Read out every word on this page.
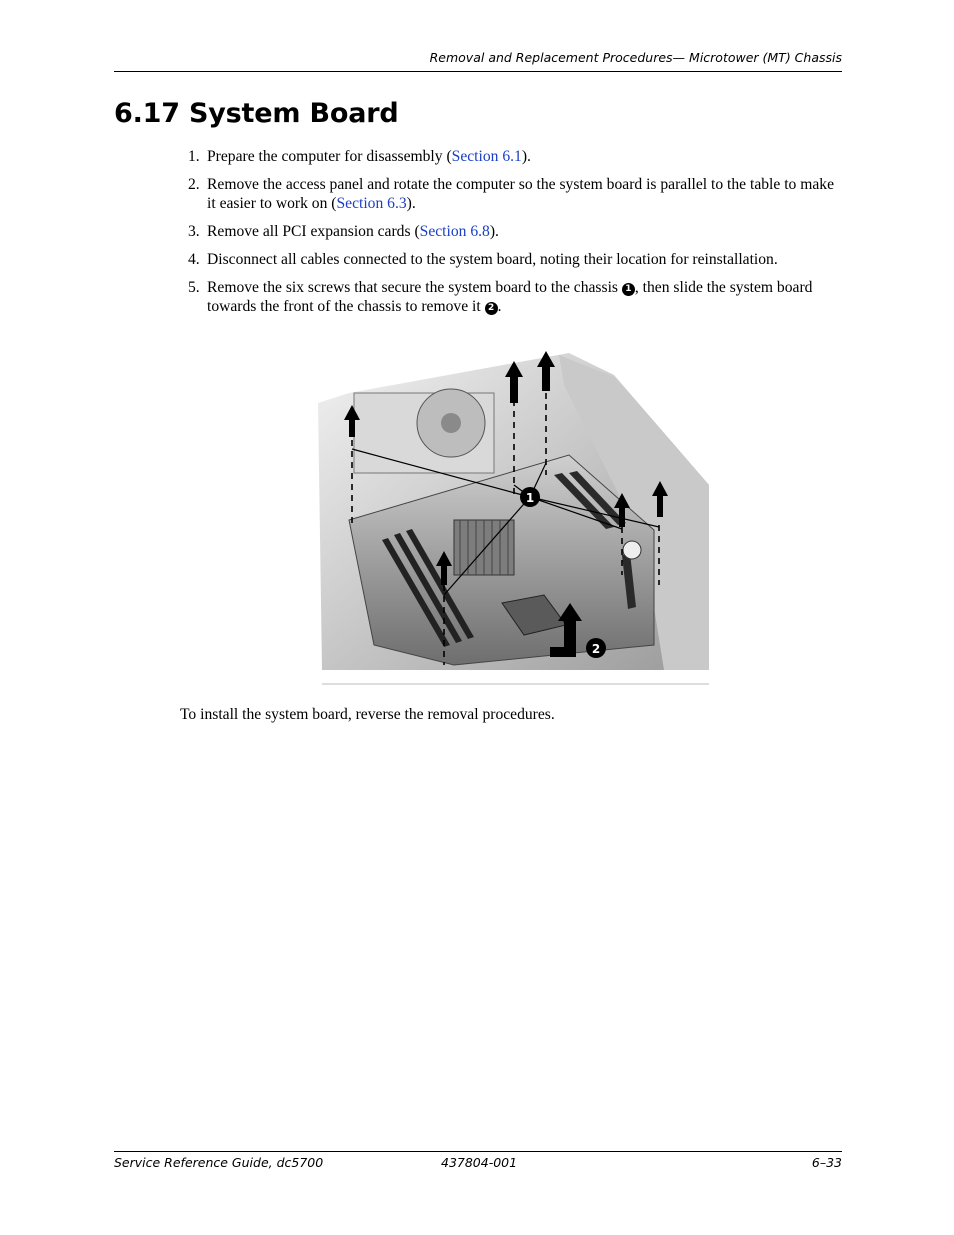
Removal and Replacement Procedures— Microtower (MT) Chassis
6.17 System Board
1. Prepare the computer for disassembly (Section 6.1).
2. Remove the access panel and rotate the computer so the system board is parallel to the table to make it easier to work on (Section 6.3).
3. Remove all PCI expansion cards (Section 6.8).
4. Disconnect all cables connected to the system board, noting their location for reinstallation.
5. Remove the six screws that secure the system board to the chassis 1 , then slide the system board towards the front of the chassis to remove it 2 .
1
2
To install the system board, reverse the removal procedures.
Service Reference Guide, dc5700	437804-001	6–33
